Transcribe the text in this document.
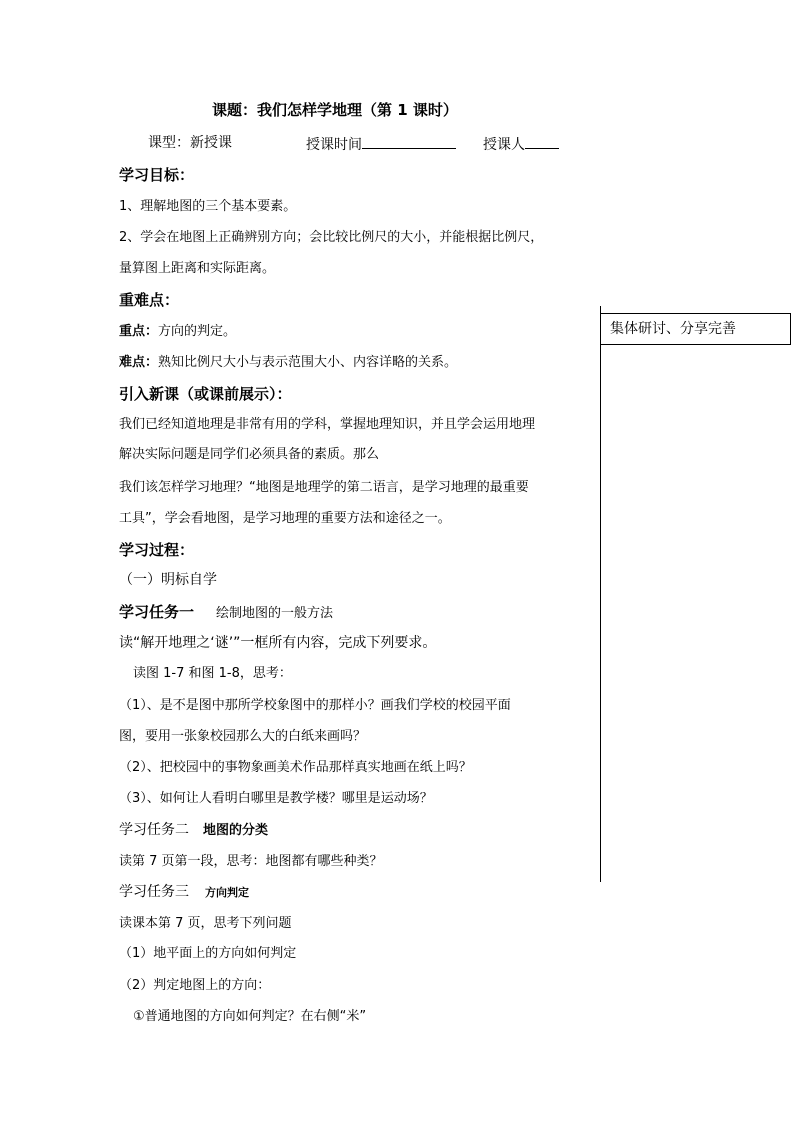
课题：我们怎样学地理（第 1 课时）
课型：新授课	授课时间	授课人
学习目标：
1、理解地图的三个基本要素。
2、学会在地图上正确辨别方向；会比较比例尺的大小，并能根据比例尺，
量算图上距离和实际距离。
重难点：
重点：方向的判定。
难点：熟知比例尺大小与表示范围大小、内容详略的关系。
引入新课（或课前展示）：
我们已经知道地理是非常有用的学科，掌握地理知识，并且学会运用地理
解决实际问题是同学们必须具备的素质。那么
我们该怎样学习地理？“地图是地理学的第二语言，是学习地理的最重要
工具”，学会看地图，是学习地理的重要方法和途径之一。
学习过程：
（一）明标自学
学习任务一 绘制地图的一般方法
读“解开地理之‘谜’”一框所有内容，完成下列要求。
读图 1-7 和图 1-8，思考：
（1）、是不是图中那所学校象图中的那样小？画我们学校的校园平面
图，要用一张象校园那么大的白纸来画吗？
（2）、把校园中的事物象画美术作品那样真实地画在纸上吗？
（3）、如何让人看明白哪里是教学楼？哪里是运动场？
学习任务二 地图的分类
读第 7 页第一段，思考：地图都有哪些种类？
学习任务三 方向判定
读课本第 7 页，思考下列问题
（1）地平面上的方向如何判定
（2）判定地图上的方向：
①普通地图的方向如何判定？在右侧“米”
集体研讨、分享完善
